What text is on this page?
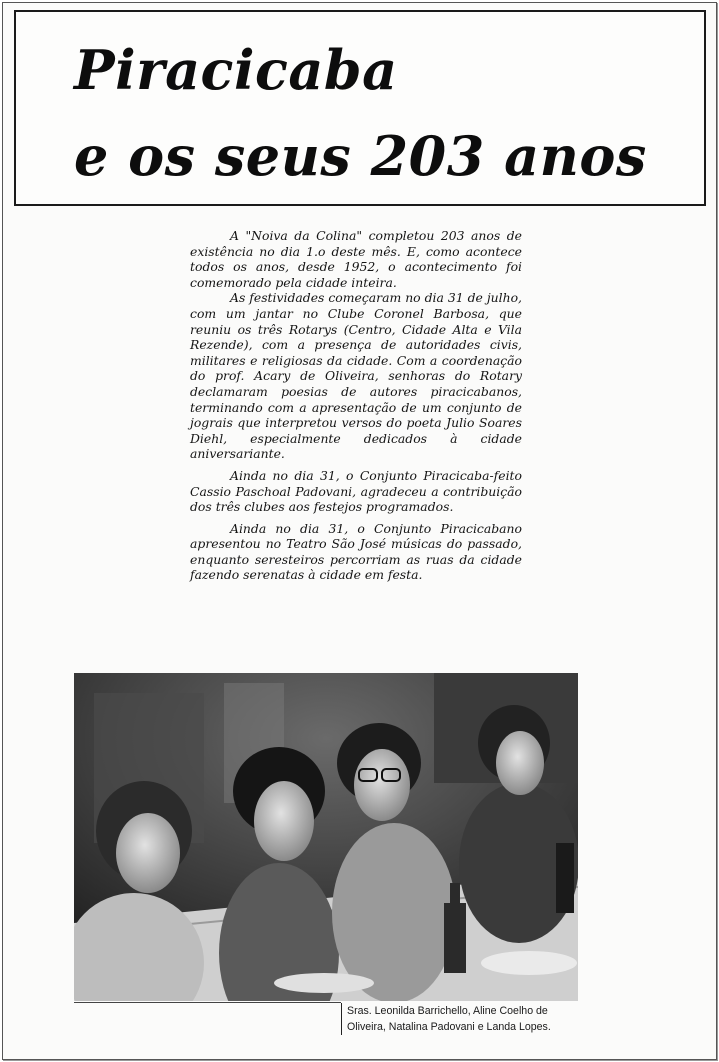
Piracicaba
e os seus 203 anos

A "Noiva da Colina" completou 203 anos de existência no dia 1.o deste mês. E, como acontece todos os anos, desde 1952, o acontecimento foi comemorado pela cidade inteira.

As festividades começaram no dia 31 de julho, com um jantar no Clube Coronel Barbosa, que reuniu os três Rotarys (Centro, Cidade Alta e Vila Rezende), com a presença de autoridades civis, militares e religiosas da cidade. Com a coordenação do prof. Acary de Oliveira, senhoras do Rotary declamaram poesias de autores piracicabanos, terminando com a apresentação de um conjunto de jograis que interpretou versos do poeta Julio Soares Diehl, especialmente dedicados à cidade aniversariante.

Ainda no dia 31, o Conjunto Piracicaba-feito Cassio Paschoal Padovani, agradeceu a contribuição dos três clubes aos festejos programados.

Ainda no dia 31, o Conjunto Piracicabano apresentou no Teatro São José músicas do passado, enquanto seresteiros percorriam as ruas da cidade fazendo serenatas à cidade em festa.

Sras. Leonilda Barrichello, Aline Coelho de Oliveira, Natalina Padovani e Landa Lopes.
